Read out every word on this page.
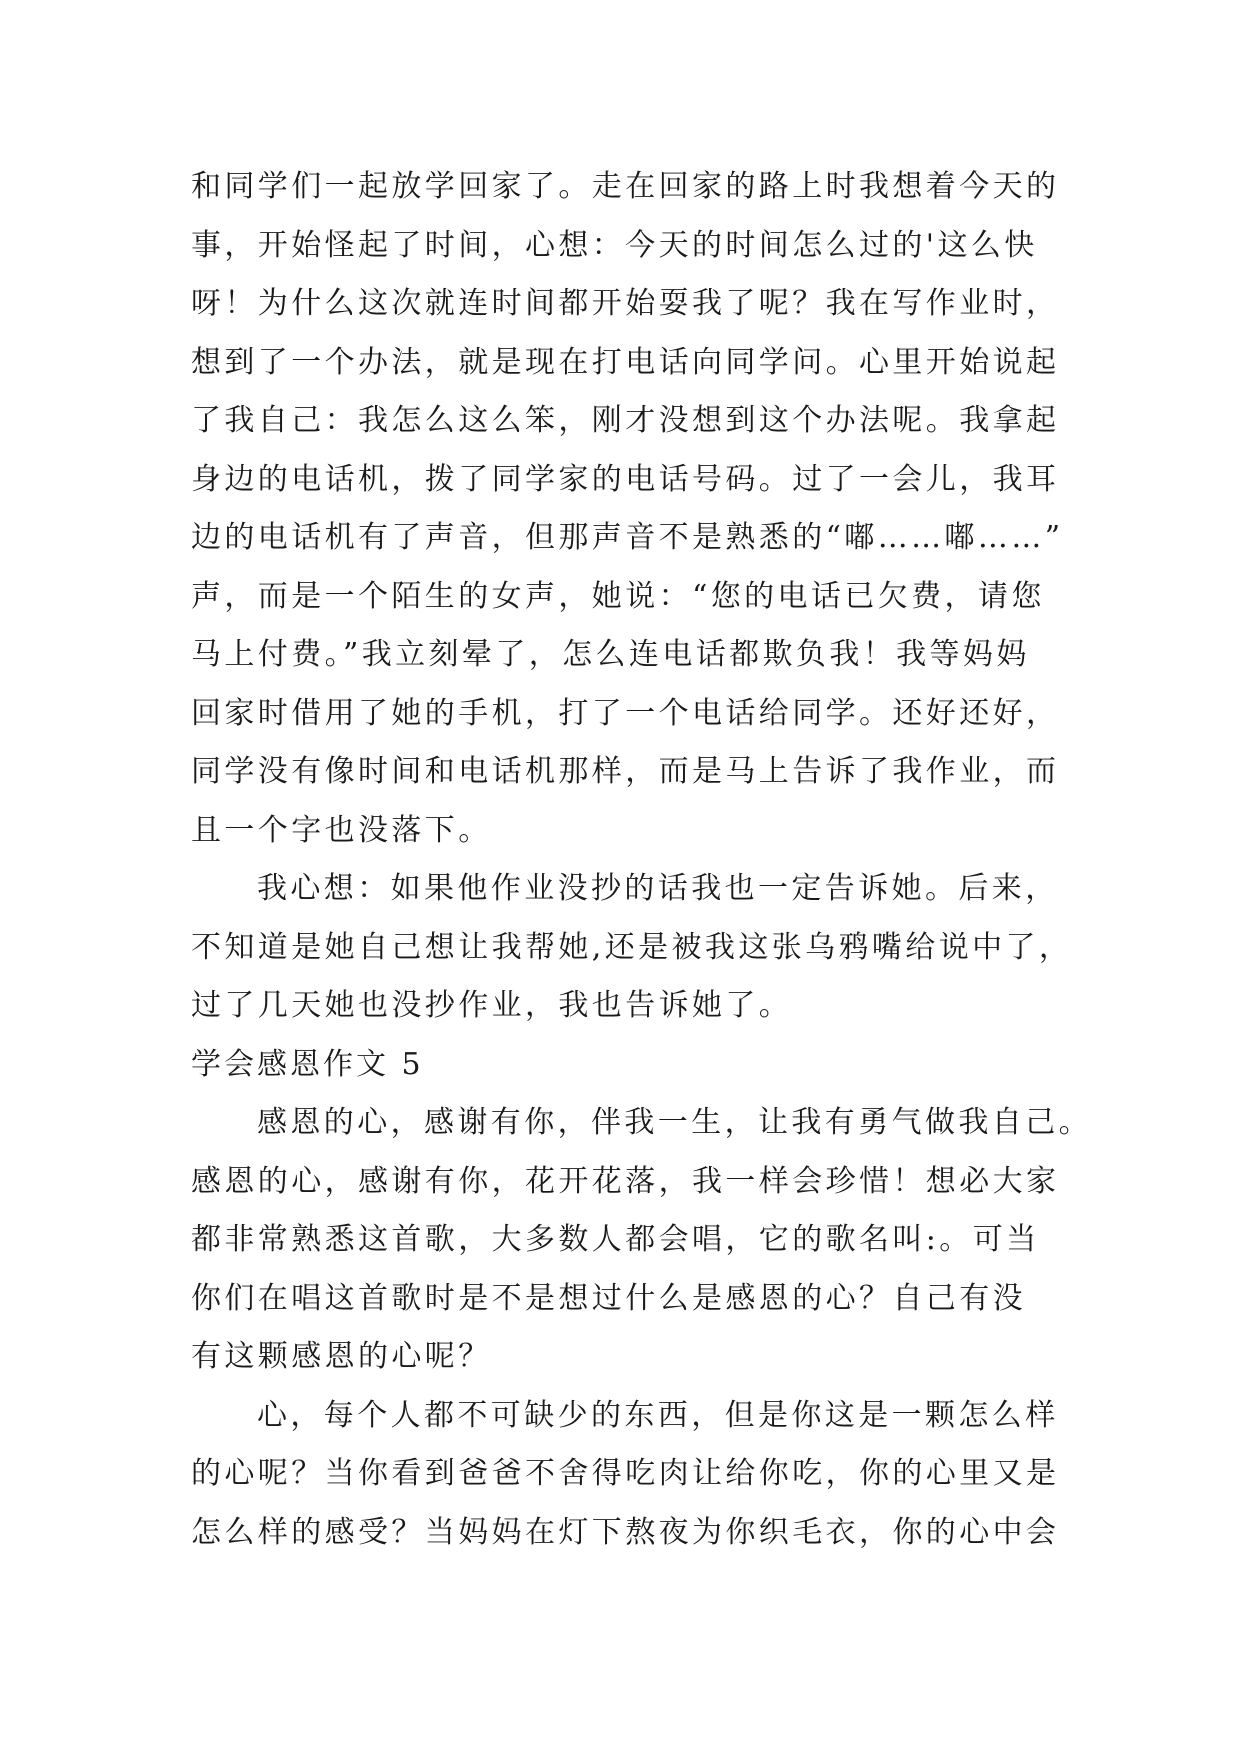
和同学们一起放学回家了。走在回家的路上时我想着今天的
事，开始怪起了时间，心想：今天的时间怎么过的'这么快
呀！为什么这次就连时间都开始耍我了呢？我在写作业时，
想到了一个办法，就是现在打电话向同学问。心里开始说起
了我自己：我怎么这么笨，刚才没想到这个办法呢。我拿起
身边的电话机，拨了同学家的电话号码。过了一会儿，我耳
边的电话机有了声音，但那声音不是熟悉的“嘟……嘟……”
声，而是一个陌生的女声，她说：“您的电话已欠费，请您
马上付费。”我立刻晕了，怎么连电话都欺负我！我等妈妈
回家时借用了她的手机，打了一个电话给同学。还好还好，
同学没有像时间和电话机那样，而是马上告诉了我作业，而
且一个字也没落下。
我心想：如果他作业没抄的话我也一定告诉她。后来，
不知道是她自己想让我帮她,还是被我这张乌鸦嘴给说中了，
过了几天她也没抄作业，我也告诉她了。
学会感恩作文 5
感恩的心，感谢有你，伴我一生，让我有勇气做我自己。
感恩的心，感谢有你，花开花落，我一样会珍惜！想必大家
都非常熟悉这首歌，大多数人都会唱，它的歌名叫:。可当
你们在唱这首歌时是不是想过什么是感恩的心？自己有没
有这颗感恩的心呢？
心，每个人都不可缺少的东西，但是你这是一颗怎么样
的心呢？当你看到爸爸不舍得吃肉让给你吃，你的心里又是
怎么样的感受？当妈妈在灯下熬夜为你织毛衣，你的心中会
